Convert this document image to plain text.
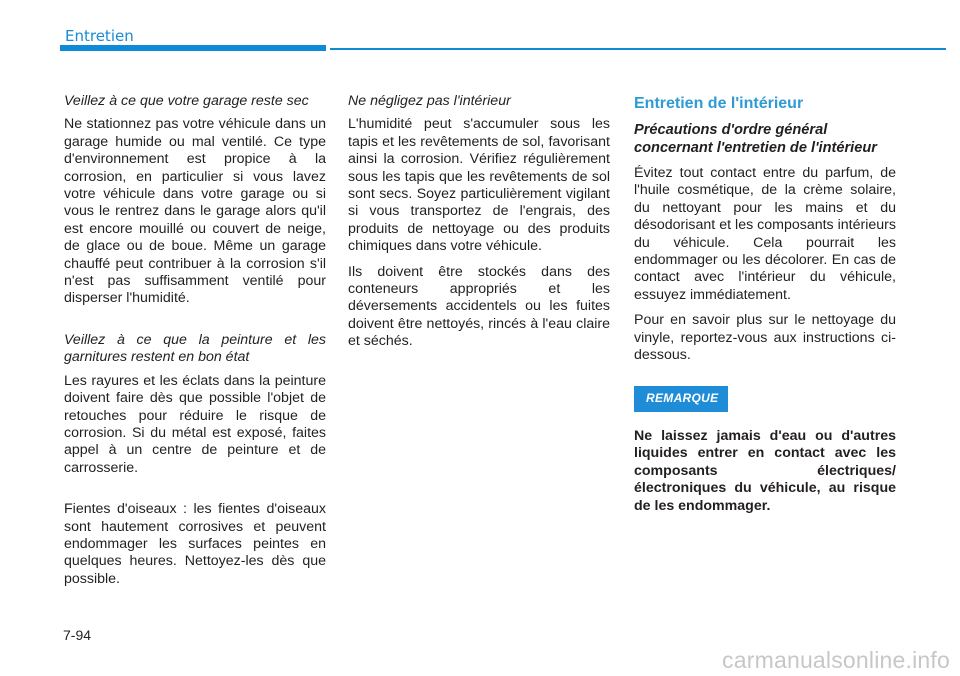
Entretien

Veillez à ce que votre garage reste sec

Ne stationnez pas votre véhicule dans un garage humide ou mal ventilé. Ce type d'environnement est propice à la corrosion, en particulier si vous lavez votre véhicule dans votre garage ou si vous le rentrez dans le garage alors qu'il est encore mouillé ou couvert de neige, de glace ou de boue. Même un garage chauffé peut contribuer à la corrosion s'il n'est pas suffisamment ventilé pour disperser l'humidité.

Veillez à ce que la peinture et les garnitures restent en bon état

Les rayures et les éclats dans la peinture doivent faire dès que possible l'objet de retouches pour réduire le risque de corrosion. Si du métal est exposé, faites appel à un centre de peinture et de carrosserie.

Fientes d'oiseaux : les fientes d'oiseaux sont hautement corrosives et peuvent endommager les surfaces peintes en quelques heures. Nettoyez-les dès que possible.

Ne négligez pas l'intérieur

L'humidité peut s'accumuler sous les tapis et les revêtements de sol, favorisant ainsi la corrosion. Vérifiez régulièrement sous les tapis que les revêtements de sol sont secs. Soyez particulièrement vigilant si vous transportez de l'engrais, des produits de nettoyage ou des produits chimiques dans votre véhicule.

Ils doivent être stockés dans des conteneurs appropriés et les déversements accidentels ou les fuites doivent être nettoyés, rincés à l'eau claire et séchés.

Entretien de l'intérieur
Précautions d'ordre général concernant l'entretien de l'intérieur

Évitez tout contact entre du parfum, de l'huile cosmétique, de la crème solaire, du nettoyant pour les mains et du désodorisant et les composants intérieurs du véhicule. Cela pourrait les endommager ou les décolorer. En cas de contact avec l'intérieur du véhicule, essuyez immédiatement.

Pour en savoir plus sur le nettoyage du vinyle, reportez-vous aux instructions ci-dessous.

REMARQUE

Ne laissez jamais d'eau ou d'autres liquides entrer en contact avec les composants électriques/ électroniques du véhicule, au risque de les endommager.

7-94
carmanualsonline.info
